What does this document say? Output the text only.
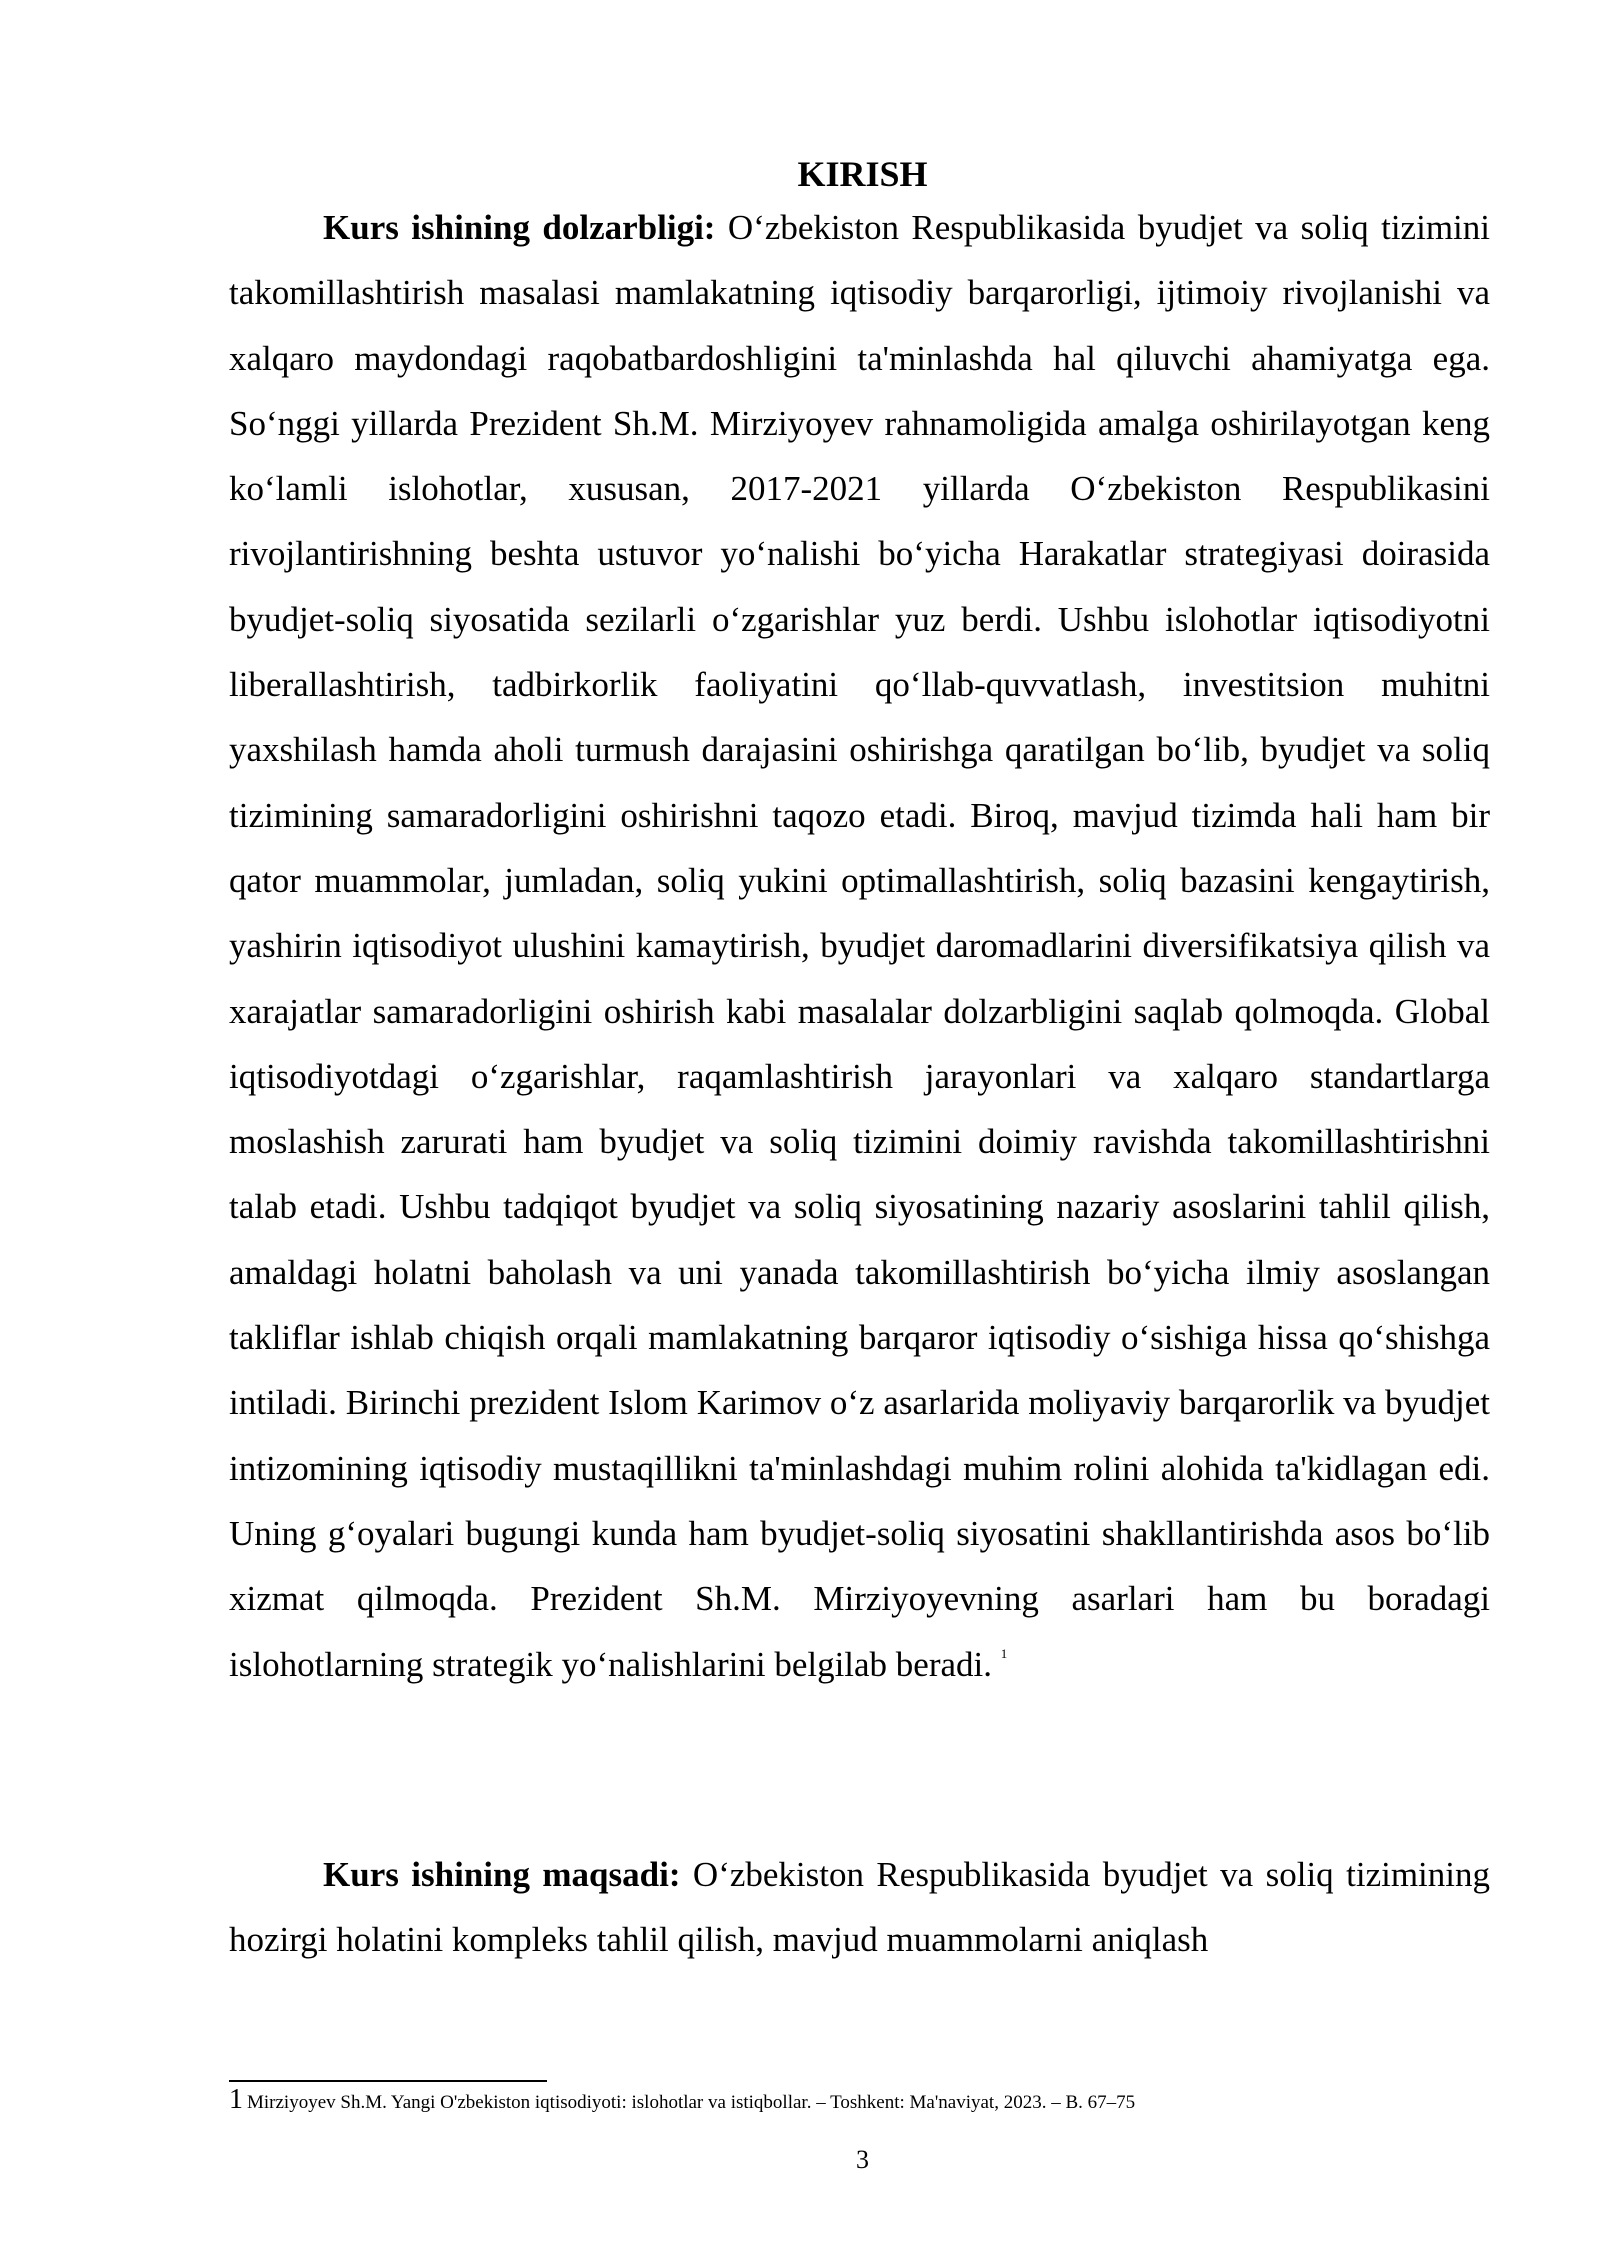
KIRISH

Kurs ishining dolzarbligi: O‘zbekiston Respublikasida byudjet va soliq tizimini takomillashtirish masalasi mamlakatning iqtisodiy barqarorligi, ijtimoiy rivojlanishi va xalqaro maydondagi raqobatbardoshligini ta'minlashda hal qiluvchi ahamiyatga ega. So‘nggi yillarda Prezident Sh.M. Mirziyoyev rahnamoligida amalga oshirilayotgan keng ko‘lamli islohotlar, xususan, 2017-2021 yillarda O‘zbekiston Respublikasini rivojlantirishning beshta ustuvor yo‘nalishi bo‘yicha Harakatlar strategiyasi doirasida byudjet-soliq siyosatida sezilarli o‘zgarishlar yuz berdi. Ushbu islohotlar iqtisodiyotni liberallashtirish, tadbirkorlik faoliyatini qo‘llab-quvvatlash, investitsion muhitni yaxshilash hamda aholi turmush darajasini oshirishga qaratilgan bo‘lib, byudjet va soliq tizimining samaradorligini oshirishni taqozo etadi. Biroq, mavjud tizimda hali ham bir qator muammolar, jumladan, soliq yukini optimallashtirish, soliq bazasini kengaytirish, yashirin iqtisodiyot ulushini kamaytirish, byudjet daromadlarini diversifikatsiya qilish va xarajatlar samaradorligini oshirish kabi masalalar dolzarbligini saqlab qolmoqda. Global iqtisodiyotdagi o‘zgarishlar, raqamlashtirish jarayonlari va xalqaro standartlarga moslashish zarurati ham byudjet va soliq tizimini doimiy ravishda takomillashtirishni talab etadi. Ushbu tadqiqot byudjet va soliq siyosatining nazariy asoslarini tahlil qilish, amaldagi holatni baholash va uni yanada takomillashtirish bo‘yicha ilmiy asoslangan takliflar ishlab chiqish orqali mamlakatning barqaror iqtisodiy o‘sishiga hissa qo‘shishga intiladi. Birinchi prezident Islom Karimov o‘z asarlarida moliyaviy barqarorlik va byudjet intizomining iqtisodiy mustaqillikni ta'minlashdagi muhim rolini alohida ta'kidlagan edi. Uning g‘oyalari bugungi kunda ham byudjet-soliq siyosatini shakllantirishda asos bo‘lib xizmat qilmoqda. Prezident Sh.M. Mirziyoyevning asarlari ham bu boradagi islohotlarning strategik yo‘nalishlarini belgilab beradi. $^1$

Kurs ishining maqsadi: O‘zbekiston Respublikasida byudjet va soliq tizimining hozirgi holatini kompleks tahlil qilish, mavjud muammolarni aniqlash

1 Mirziyoyev Sh.M. Yangi O'zbekiston iqtisodiyoti: islohotlar va istiqbollar. – Toshkent: Ma'naviyat, 2023. – B. 67–75

3
